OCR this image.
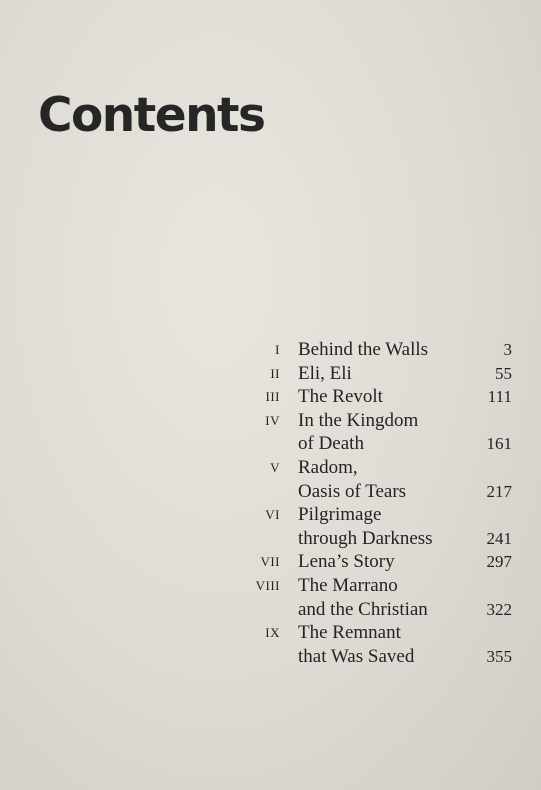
Contents
I Behind the Walls	3
II Eli, Eli	55
III The Revolt	111
IV In the Kingdom
of Death	161
V Radom,
Oasis of Tears	217
VI Pilgrimage
through Darkness	241
VII Lena’s Story	297
VIII The Marrano
and the Christian	322
IX The Remnant
that Was Saved	355
